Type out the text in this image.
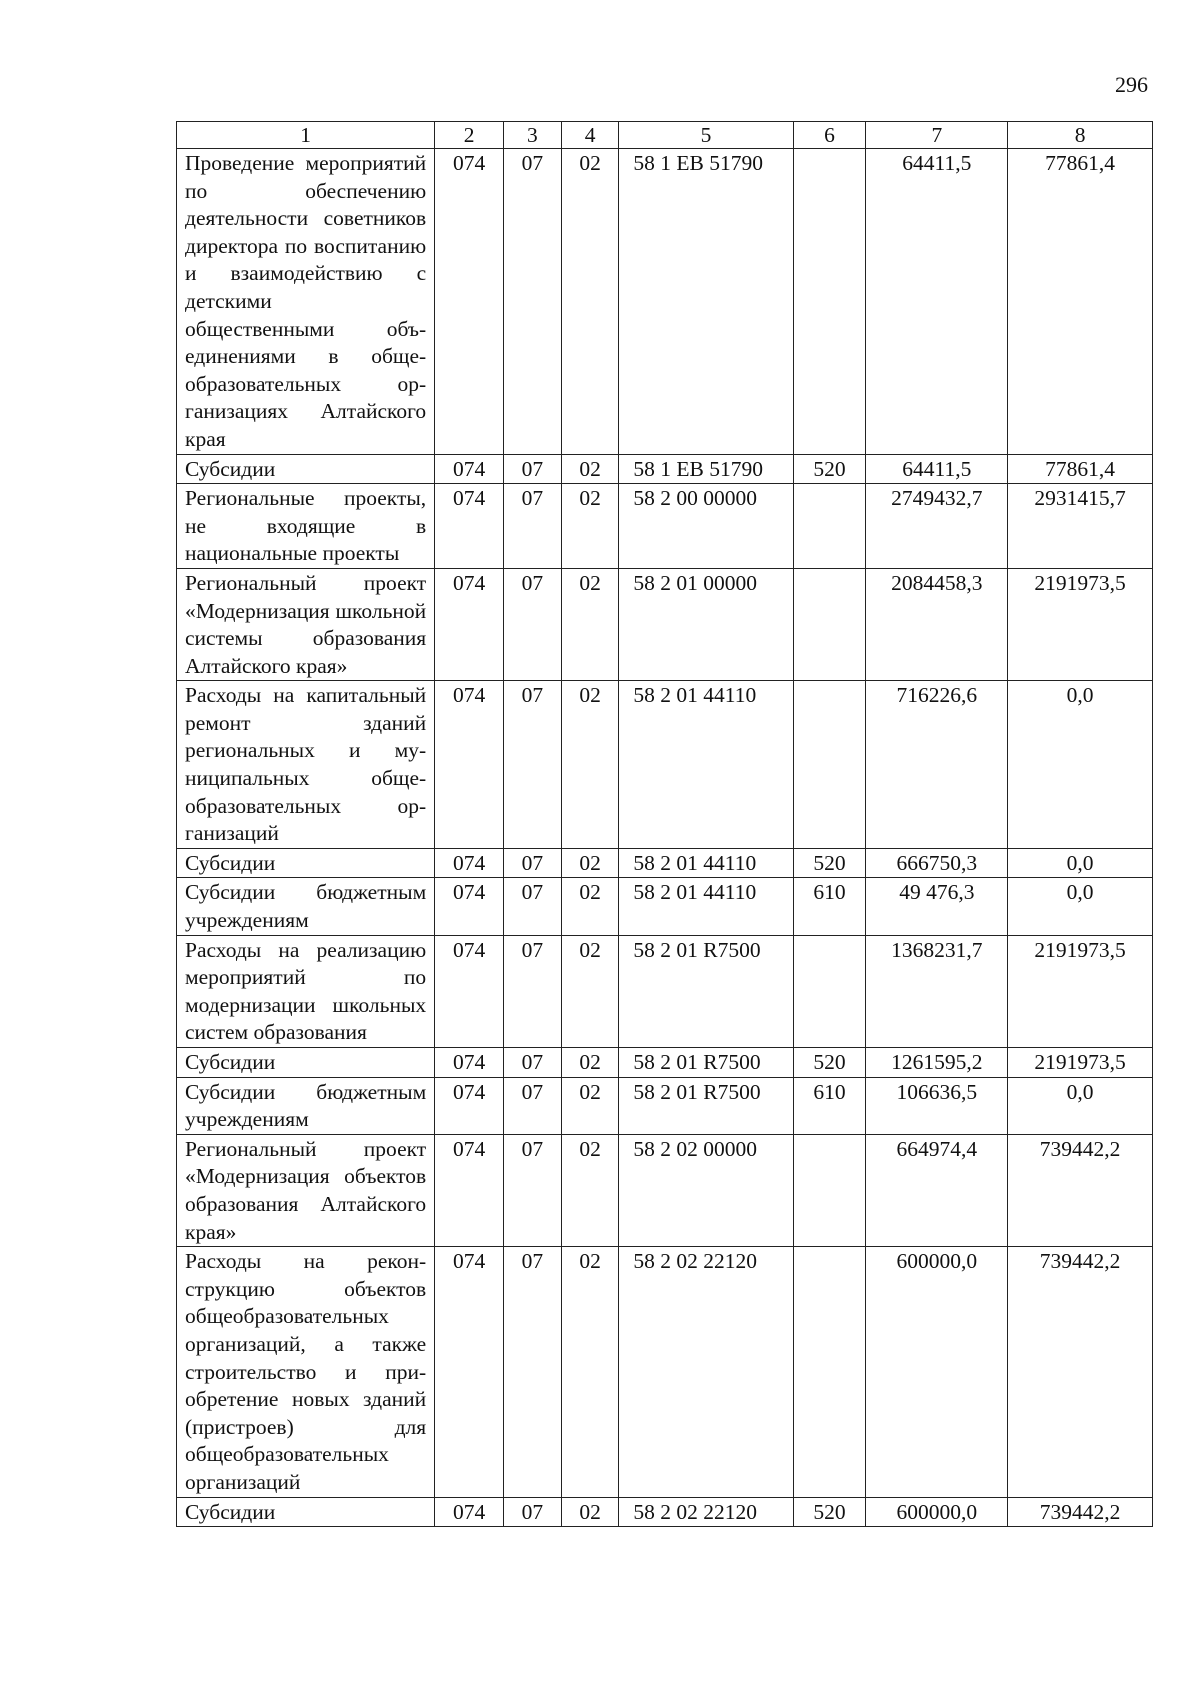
296
1	2	3	4	5	6	7	8
Проведение мероприятий по обеспечению деятельности советников директора по воспитанию и взаимодействию с детскими общественными объединениями в общеобразовательных организациях Алтайского края	074	07	02	58 1 ЕВ 51790		64411,5	77861,4
Субсидии	074	07	02	58 1 ЕВ 51790	520	64411,5	77861,4
Региональные проекты, не входящие в национальные проекты	074	07	02	58 2 00 00000		2749432,7	2931415,7
Региональный проект «Модернизация школьной системы образования Алтайского края»	074	07	02	58 2 01 00000		2084458,3	2191973,5
Расходы на капитальный ремонт зданий региональных и муниципальных общеобразовательных организаций	074	07	02	58 2 01 44110		716226,6	0,0
Субсидии	074	07	02	58 2 01 44110	520	666750,3	0,0
Субсидии бюджетным учреждениям	074	07	02	58 2 01 44110	610	49 476,3	0,0
Расходы на реализацию мероприятий по модернизации школьных систем образования	074	07	02	58 2 01 R7500		1368231,7	2191973,5
Субсидии	074	07	02	58 2 01 R7500	520	1261595,2	2191973,5
Субсидии бюджетным учреждениям	074	07	02	58 2 01 R7500	610	106636,5	0,0
Региональный проект «Модернизация объектов образования Алтайского края»	074	07	02	58 2 02 00000		664974,4	739442,2
Расходы на реконструкцию объектов общеобразовательных организаций, а также строительство и приобретение новых зданий (пристроев) для общеобразовательных организаций	074	07	02	58 2 02 22120		600000,0	739442,2
Субсидии	074	07	02	58 2 02 22120	520	600000,0	739442,2
